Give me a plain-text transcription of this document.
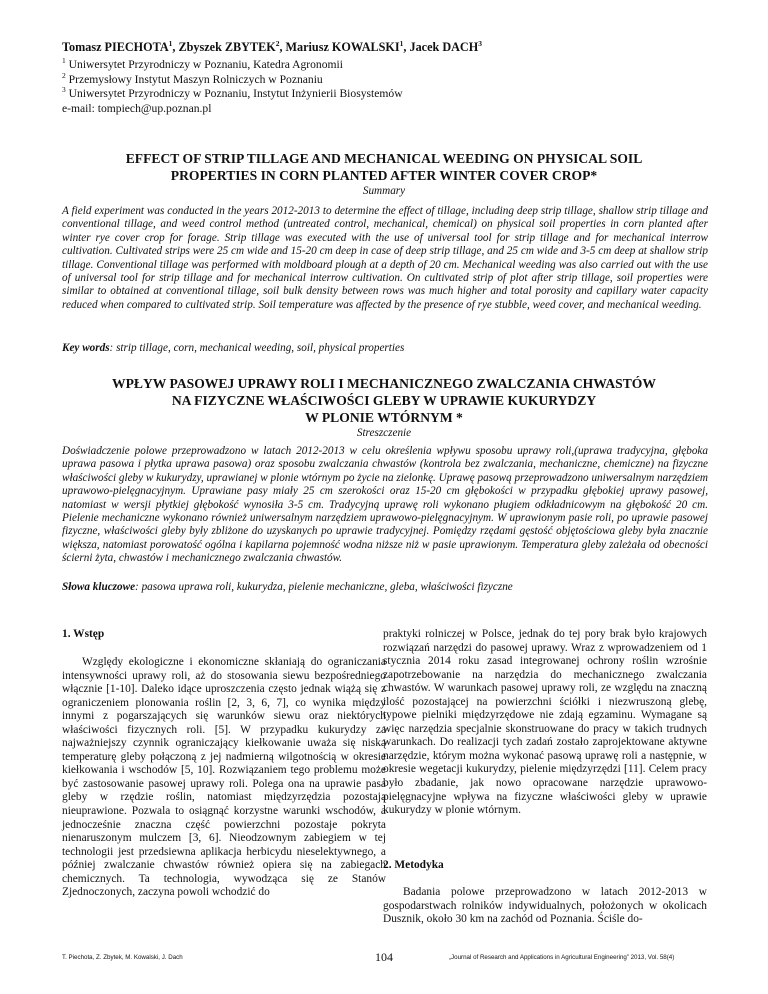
Tomasz PIECHOTA$^1$, Zbyszek ZBYTEK$^2$, Mariusz KOWALSKI$^1$, Jacek DACH$^3$
$^1$ Uniwersytet Przyrodniczy w Poznaniu, Katedra Agronomii
$^2$ Przemysłowy Instytut Maszyn Rolniczych w Poznaniu
$^3$ Uniwersytet Przyrodniczy w Poznaniu, Instytut Inżynierii Biosystemów
e-mail: tompiech@up.poznan.pl
EFFECT OF STRIP TILLAGE AND MECHANICAL WEEDING ON PHYSICAL SOIL
PROPERTIES IN CORN PLANTED AFTER WINTER COVER CROP*
Summary
A field experiment was conducted in the years 2012-2013 to determine the effect of tillage, including deep strip tillage, shallow strip tillage and conventional tillage, and weed control method (untreated control, mechanical, chemical) on physical soil properties in corn planted after winter rye cover crop for forage. Strip tillage was executed with the use of universal tool for strip tillage and for mechanical interrow cultivation. Cultivated strips were 25 cm wide and 15-20 cm deep in case of deep strip tillage, and 25 cm wide and 3-5 cm deep at shallow strip tillage. Conventional tillage was performed with moldboard plough at a depth of 20 cm. Mechanical weeding was also carried out with the use of universal tool for strip tillage and for mechanical interrow cultivation. On cultivated strip of plot after strip tillage, soil properties were similar to obtained at conventional tillage, soil bulk density between rows was much higher and total porosity and capillary water capacity reduced when compared to cultivated strip. Soil temperature was affected by the presence of rye stubble, weed cover, and mechanical weeding.
Key words: strip tillage, corn, mechanical weeding, soil, physical properties
WPŁYW PASOWEJ UPRAWY ROLI I MECHANICZNEGO ZWALCZANIA CHWASTÓW
NA FIZYCZNE WŁAŚCIWOŚCI GLEBY W UPRAWIE KUKURYDZY
W PLONIE WTÓRNYM *
Streszczenie
Doświadczenie polowe przeprowadzono w latach 2012-2013 w celu określenia wpływu sposobu uprawy roli,(uprawa tradycyjna, głęboka uprawa pasowa i płytka uprawa pasowa) oraz sposobu zwalczania chwastów (kontrola bez zwalczania, mechaniczne, chemiczne) na fizyczne właściwości gleby w kukurydzy, uprawianej w plonie wtórnym po życie na zielonkę. Uprawę pasową przeprowadzono uniwersalnym narzędziem uprawowo-pielęgnacyjnym. Uprawiane pasy miały 25 cm szerokości oraz 15-20 cm głębokości w przypadku głębokiej uprawy pasowej, natomiast w wersji płytkiej głębokość wynosiła 3-5 cm. Tradycyjną uprawę roli wykonano pługiem odkładnicowym na głębokość 20 cm. Pielenie mechaniczne wykonano również uniwersalnym narzędziem uprawowo-pielęgnacyjnym. W uprawionym pasie roli, po uprawie pasowej fizyczne, właściwości gleby były zbliżone do uzyskanych po uprawie tradycyjnej. Pomiędzy rzędami gęstość objętościowa gleby była znacznie większa, natomiast porowatość ogólna i kapilarna pojemność wodna niższe niż w pasie uprawionym. Temperatura gleby zależała od obecności ścierni żyta, chwastów i mechanicznego zwalczania chwastów.
Słowa kluczowe: pasowa uprawa roli, kukurydza, pielenie mechaniczne, gleba, właściwości fizyczne
1. Wstęp
Względy ekologiczne i ekonomiczne skłaniają do ograniczania intensywności uprawy roli, aż do stosowania siewu bezpośredniego włącznie [1-10]. Daleko idące uproszczenia często jednak wiążą się z ograniczeniem plonowania roślin [2, 3, 6, 7], co wynika między innymi z pogarszających się warunków siewu oraz niektórych właściwości fizycznych roli. [5]. W przypadku kukurydzy za najważniejszy czynnik ograniczający kiełkowanie uważa się niską temperaturę gleby połączoną z jej nadmierną wilgotnością w okresie kiełkowania i wschodów [5, 10]. Rozwiązaniem tego problemu może być zastosowanie pasowej uprawy roli. Polega ona na uprawie pasa gleby w rzędzie roślin, natomiast międzyrzędzia pozostają nieuprawione. Pozwala to osiągnąć korzystne warunki wschodów, a jednocześnie znaczna część powierzchni pozostaje pokryta nienaruszonym mulczem [3, 6]. Nieodzownym zabiegiem w tej technologii jest przedsiewna aplikacja herbicydu nieselektywnego, a później zwalczanie chwastów również opiera się na zabiegach chemicznych. Ta technologia, wywodząca się ze Stanów Zjednoczonych, zaczyna powoli wchodzić do
praktyki rolniczej w Polsce, jednak do tej pory brak było krajowych rozwiązań narzędzi do pasowej uprawy. Wraz z wprowadzeniem od 1 stycznia 2014 roku zasad integrowanej ochrony roślin wzrośnie zapotrzebowanie na narzędzia do mechanicznego zwalczania chwastów. W warunkach pasowej uprawy roli, ze względu na znaczną ilość pozostającej na powierzchni ściółki i niezwruszoną glebę, typowe pielniki międzyrzędowe nie zdają egzaminu. Wymagane są więc narzędzia specjalnie skonstruowane do pracy w takich trudnych warunkach. Do realizacji tych zadań zostało zaprojektowane aktywne narzędzie, którym można wykonać pasową uprawę roli a następnie, w okresie wegetacji kukurydzy, pielenie międzyrzędzi [11]. Celem pracy było zbadanie, jak nowo opracowane narzędzie uprawowo-pielęgnacyjne wpływa na fizyczne właściwości gleby w uprawie kukurydzy w plonie wtórnym.
2. Metodyka
Badania polowe przeprowadzono w latach 2012-2013 w gospodarstwach rolników indywidualnych, położonych w okolicach Dusznik, około 30 km na zachód od Poznania. Ściśle do-
T. Piechota, Z. Zbytek, M. Kowalski, J. Dach	104	„Journal of Research and Applications in Agricultural Engineering” 2013, Vol. 58(4)
